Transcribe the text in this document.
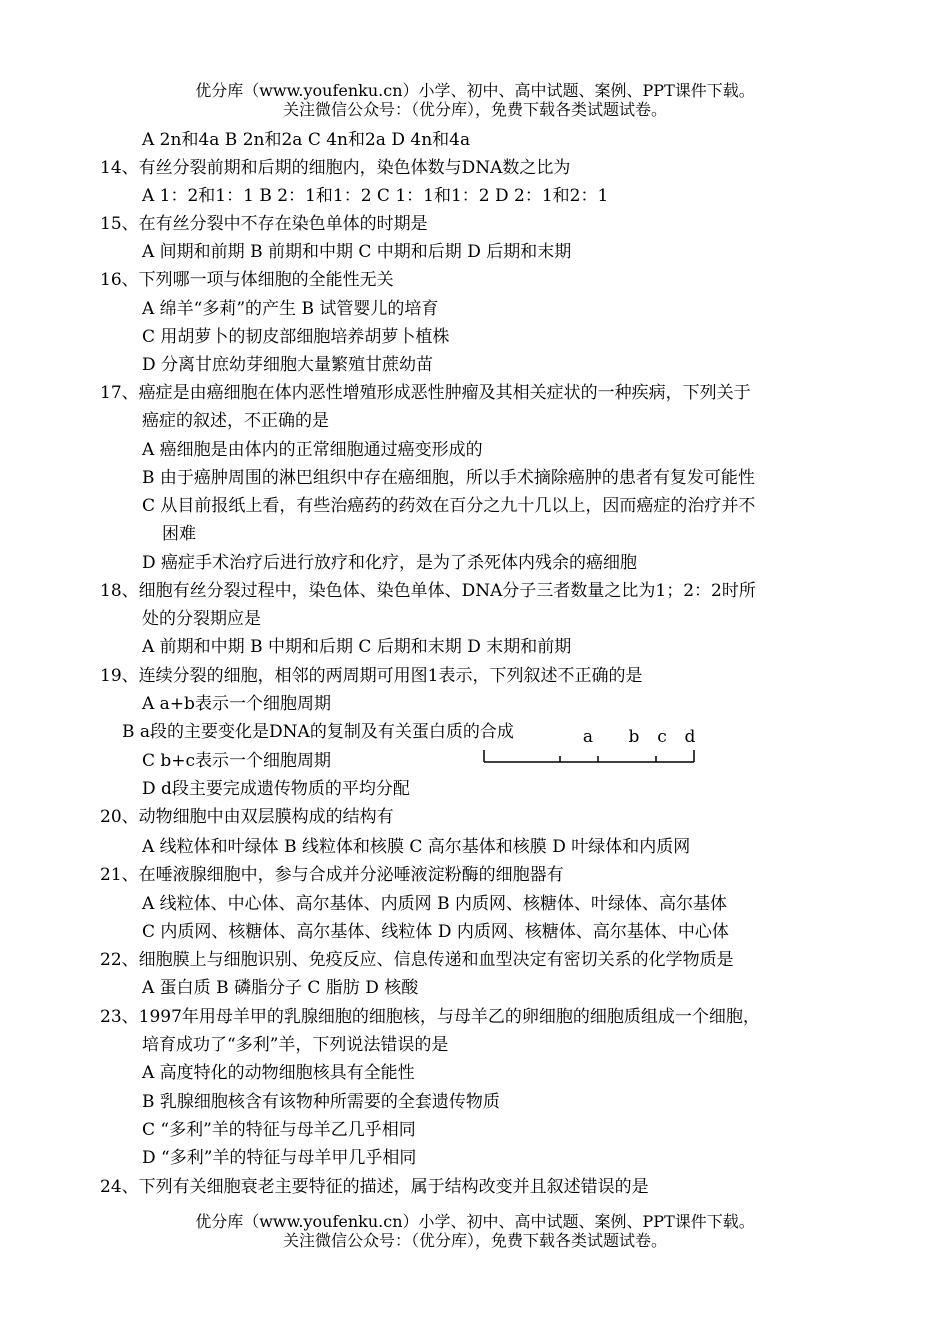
优分库（www.youfenku.cn）小学、初中、高中试题、案例、PPT课件下载。
关注微信公众号：（优分库），免费下载各类试题试卷。
A 2n和4a B 2n和2a C 4n和2a D 4n和4a
14、有丝分裂前期和后期的细胞内，染色体数与DNA数之比为
A 1：2和1：1 B 2：1和1：2 C 1：1和1：2 D 2：1和2：1
15、在有丝分裂中不存在染色单体的时期是
A 间期和前期 B 前期和中期 C 中期和后期 D 后期和末期
16、下列哪一项与体细胞的全能性无关
A 绵羊“多莉”的产生 B 试管婴儿的培育
C 用胡萝卜的韧皮部细胞培养胡萝卜植株
D 分离甘庶幼芽细胞大量繁殖甘蔗幼苗
17、癌症是由癌细胞在体内恶性增殖形成恶性肿瘤及其相关症状的一种疾病，下列关于
癌症的叙述，不正确的是
A 癌细胞是由体内的正常细胞通过癌变形成的
B 由于癌肿周围的淋巴组织中存在癌细胞，所以手术摘除癌肿的患者有复发可能性
C 从目前报纸上看，有些治癌药的药效在百分之九十几以上，因而癌症的治疗并不
困难
D 癌症手术治疗后进行放疗和化疗，是为了杀死体内残余的癌细胞
18、细胞有丝分裂过程中，染色体、染色单体、DNA分子三者数量之比为1；2：2时所
处的分裂期应是
A 前期和中期 B 中期和后期 C 后期和末期 D 末期和前期
19、连续分裂的细胞，相邻的两周期可用图1表示，下列叙述不正确的是
A a+b表示一个细胞周期
B a段的主要变化是DNA的复制及有关蛋白质的合成
C b+c表示一个细胞周期
D d段主要完成遗传物质的平均分配
a b c d
20、动物细胞中由双层膜构成的结构有
A 线粒体和叶绿体 B 线粒体和核膜 C 高尔基体和核膜 D 叶绿体和内质网
21、在唾液腺细胞中，参与合成并分泌唾液淀粉酶的细胞器有
A 线粒体、中心体、高尔基体、内质网 B 内质网、核糖体、叶绿体、高尔基体
C 内质网、核糖体、高尔基体、线粒体 D 内质网、核糖体、高尔基体、中心体
22、细胞膜上与细胞识别、免疫反应、信息传递和血型决定有密切关系的化学物质是
A 蛋白质 B 磷脂分子 C 脂肪 D 核酸
23、1997年用母羊甲的乳腺细胞的细胞核，与母羊乙的卵细胞的细胞质组成一个细胞，
培育成功了“多利”羊，下列说法错误的是
A 高度特化的动物细胞核具有全能性
B 乳腺细胞核含有该物种所需要的全套遗传物质
C “多利”羊的特征与母羊乙几乎相同
D “多利”羊的特征与母羊甲几乎相同
24、下列有关细胞衰老主要特征的描述，属于结构改变并且叙述错误的是
优分库（www.youfenku.cn）小学、初中、高中试题、案例、PPT课件下载。
关注微信公众号：（优分库），免费下载各类试题试卷。
